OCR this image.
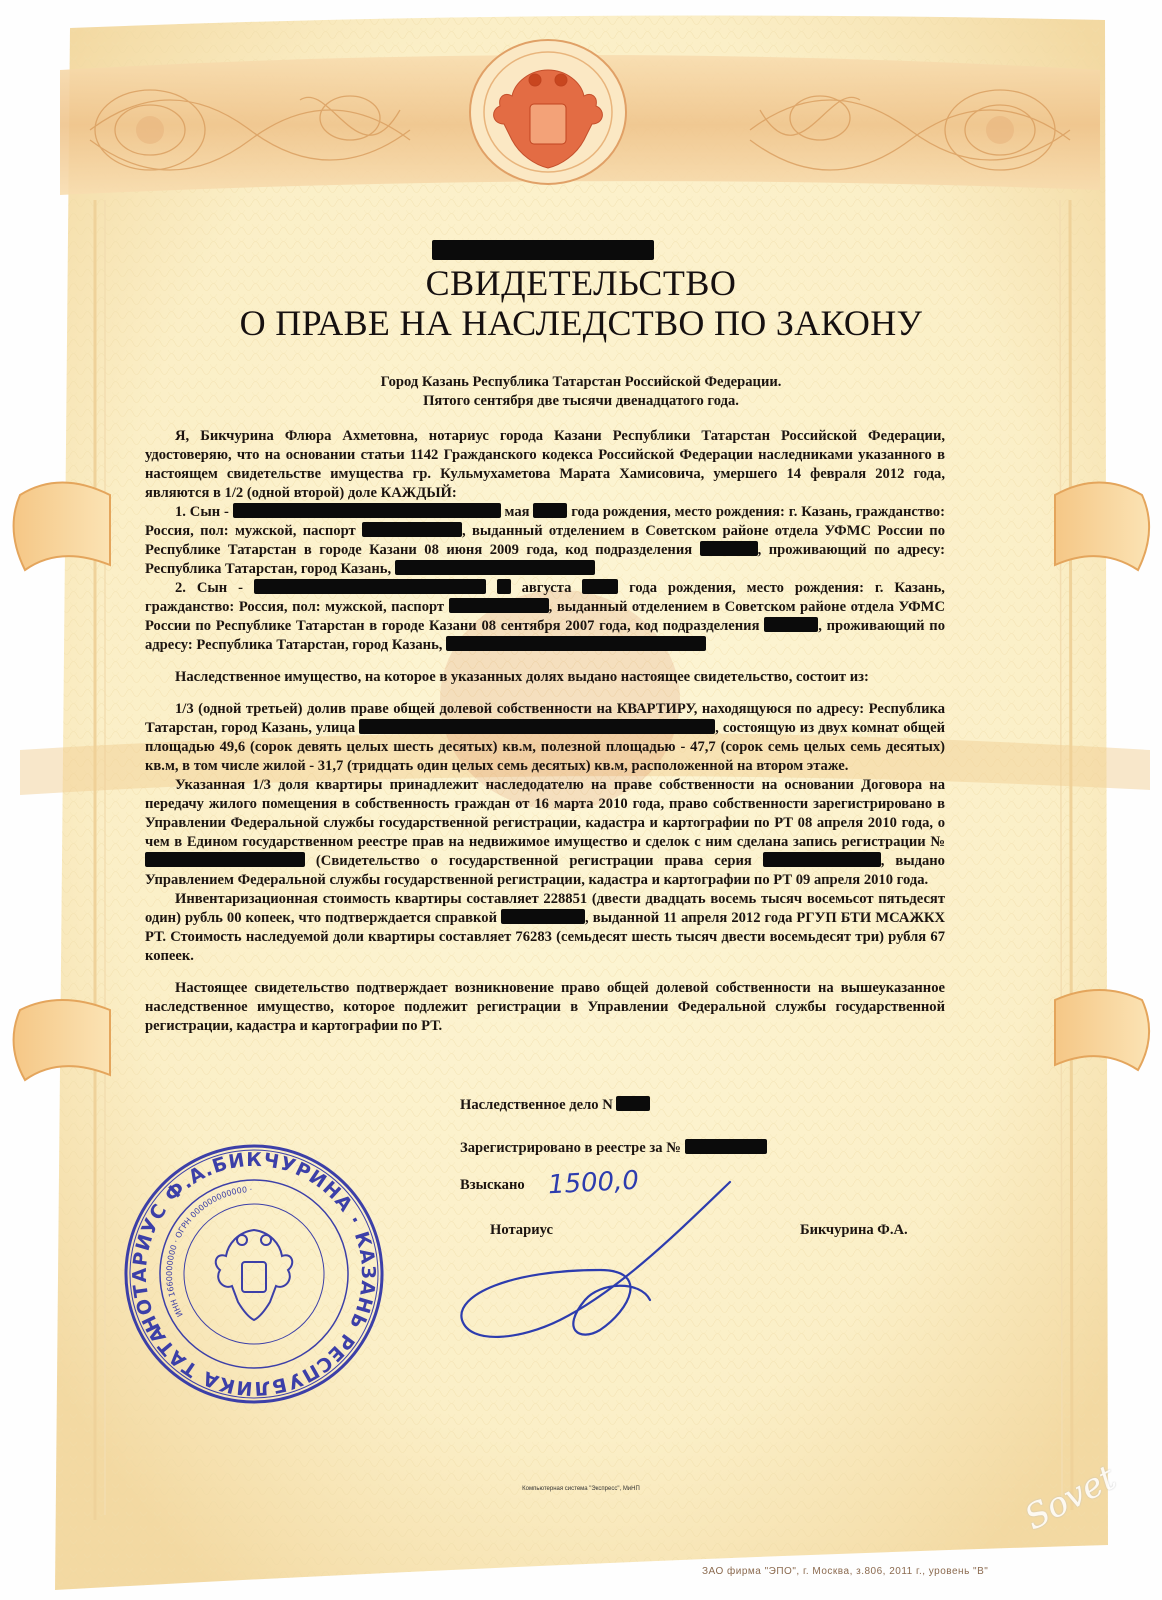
СВИДЕТЕЛЬСТВО
О ПРАВЕ НА НАСЛЕДСТВО ПО ЗАКОНУ
Город Казань Республика Татарстан Российской Федерации.
Пятого сентября две тысячи двенадцатого года.

Я, Бикчурина Флюра Ахметовна, нотариус города Казани Республики Татарстан Российской Федерации, удостоверяю, что на основании статьи 1142 Гражданского кодекса Российской Федерации наследниками указанного в настоящем свидетельстве имущества гр. Кульмухаметова Марата Хамисовича, умершего 14 февраля 2012 года, являются в 1/2 (одной второй) доле КАЖДЫЙ:

1. Сын -	мая	года рождения, место рождения: г. Казань, гражданство: Россия, пол: мужской, паспорт	, выданный отделением в Советском районе отдела УФМС России по Республике Татарстан в городе Казани 08 июня 2009 года, код подразделения	, проживающий по адресу: Республика Татарстан, город Казань,

2. Сын -	августа	года рождения, место рождения: г. Казань, гражданство: Россия, пол: мужской, паспорт	, выданный отделением в Советском районе отдела УФМС России по Республике Татарстан в городе Казани 08 сентября 2007 года, код подразделения	, проживающий по адресу: Республика Татарстан, город Казань,

Наследственное имущество, на которое в указанных долях выдано настоящее свидетельство, состоит из:

1/3 (одной третьей) долив праве общей долевой собственности на КВАРТИРУ, находящуюся по адресу: Республика Татарстан, город Казань, улица	, состоящую из двух комнат общей площадью 49,6 (сорок девять целых шесть десятых) кв.м, полезной площадью - 47,7 (сорок семь целых семь десятых) кв.м, в том числе жилой - 31,7 (тридцать один целых семь десятых) кв.м, расположенной на втором этаже.

Указанная 1/3 доля квартиры принадлежит наследодателю на праве собственности на основании Договора на передачу жилого помещения в собственность граждан от 16 марта 2010 года, право собственности зарегистрировано в Управлении Федеральной службы государственной регистрации, кадастра и картографии по РТ 08 апреля 2010 года, о чем в Едином государственном реестре прав на недвижимое имущество и сделок с ним сделана запись регистрации №  (Свидетельство о государственной регистрации права серия	, выдано Управлением Федеральной службы государственной регистрации, кадастра и картографии по РТ 09 апреля 2010 года.

Инвентаризационная стоимость квартиры составляет 228851 (двести двадцать восемь тысяч восемьсот пятьдесят один) рубль 00 копеек, что подтверждается справкой	, выданной 11 апреля 2012 года РГУП БТИ МСАЖКХ РТ. Стоимость наследуемой доли квартиры составляет 76283 (семьдесят шесть тысяч двести восемьдесят три) рубля 67 копеек.

Настоящее свидетельство подтверждает возникновение право общей долевой собственности на вышеуказанное наследственное имущество, которое подлежит регистрации в Управлении Федеральной службы государственной регистрации, кадастра и картографии по РТ.

Наследственное дело N
Зарегистрировано в реестре за №
Взыскано 1500,0
Нотариус	Бикчурина Ф.А.
НОТАРИУС Ф.А.БИКЧУРИНА · КАЗАНЬ РЕСПУБЛИКА ТАТАРСТАН
ИНН 1660000000 · ОГРН 000000000000 ·
Компьютерная система "Экспресс", МиНП
ЗАО фирма "ЭПО", г. Москва, з.806, 2011 г., уровень "В"
Sovet
